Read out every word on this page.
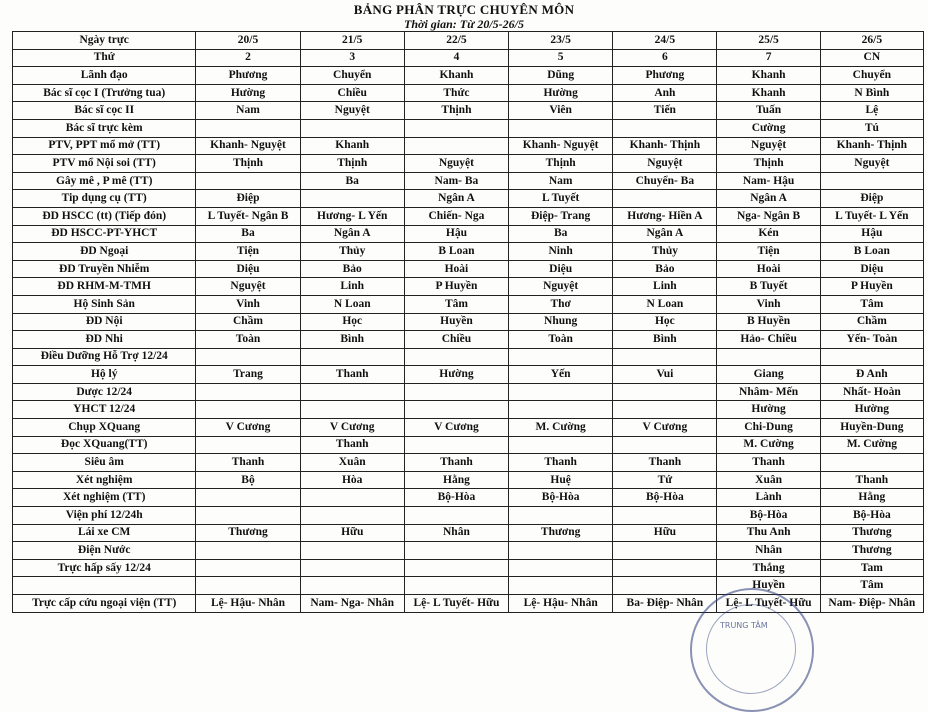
BẢNG PHÂN TRỰC CHUYÊN MÔN
Thời gian: Từ 20/5-26/5
Ngày trực	20/5	21/5	22/5	23/5	24/5	25/5	26/5
Thứ	2	3	4	5	6	7	CN
Lãnh đạo	Phương	Chuyển	Khanh	Dũng	Phương	Khanh	Chuyển
Bác sĩ cọc I (Trưởng tua)	Hường	Chiều	Thức	Hường	Anh	Khanh	N Bình
Bác sĩ cọc II	Nam	Nguyệt	Thịnh	Viên	Tiến	Tuấn	Lệ
Bác sĩ trực kèm						Cường	Tú
PTV, PPT mổ mở (TT)	Khanh- Nguyệt	Khanh		Khanh- Nguyệt	Khanh- Thịnh	Nguyệt	Khanh- Thịnh
PTV mổ Nội soi (TT)	Thịnh	Thịnh	Nguyệt	Thịnh	Nguyệt	Thịnh	Nguyệt
Gây mê , P mê (TT)		Ba	Nam- Ba	Nam	Chuyển- Ba	Nam- Hậu	
Tip dụng cụ (TT)	Điệp		Ngân A	L Tuyết		Ngân A	Điệp
ĐD HSCC (tt) (Tiếp đón)	L Tuyết- Ngân B	Hương- L Yến	Chiến- Nga	Điệp- Trang	Hương- Hiền A	Nga- Ngân B	L Tuyết- L Yến
ĐD HSCC-PT-YHCT	Ba	Ngân A	Hậu	Ba	Ngân A	Kén	Hậu
ĐD Ngoại	Tiện	Thủy	B Loan	Ninh	Thủy	Tiện	B Loan
ĐD Truyền Nhiễm	Diệu	Bảo	Hoài	Diệu	Bảo	Hoài	Diệu
ĐD RHM-M-TMH	Nguyệt	Linh	P Huyền	Nguyệt	Linh	B Tuyết	P Huyền
Hộ Sinh Sản	Vinh	N Loan	Tâm	Thơ	N Loan	Vinh	Tâm
ĐD Nội	Chầm	Học	Huyền	Nhung	Học	B Huyền	Chầm
ĐD Nhi	Toàn	Bình	Chiều	Toàn	Bình	Hảo- Chiều	Yến- Toàn
Điều Dưỡng Hỗ Trợ 12/24							
Hộ lý	Trang	Thanh	Hường	Yến	Vui	Giang	Đ Anh
Dược 12/24						Nhâm- Mến	Nhất- Hoàn
YHCT 12/24						Hường	Hường
Chụp XQuang	V Cương	V Cương	V Cương	M. Cường	V Cương	Chi-Dung	Huyền-Dung
Đọc XQuang(TT)		Thanh				M. Cường	M. Cường
Siêu âm	Thanh	Xuân	Thanh	Thanh	Thanh	Thanh	
Xét nghiệm	Bộ	Hòa	Hằng	Huệ	Tứ	Xuân	Thanh
Xét nghiệm (TT)			Bộ-Hòa	Bộ-Hòa	Bộ-Hòa	Lành	Hằng
Viện phí 12/24h						Bộ-Hòa	Bộ-Hòa
Lái xe CM	Thương	Hữu	Nhân	Thương	Hữu	Thu Anh	Thương
Điện Nước						Nhân	Thương
Trực hấp sấy 12/24						Thắng	Tam
						Huyền	Tâm
Trực cấp cứu ngoại viện (TT)	Lệ- Hậu- Nhân	Nam- Nga- Nhân	Lệ- L Tuyết- Hữu	Lệ- Hậu- Nhân	Ba- Điệp- Nhân	Lệ- L Tuyết- Hữu	Nam- Điệp- Nhân
TRUNG TÂM
